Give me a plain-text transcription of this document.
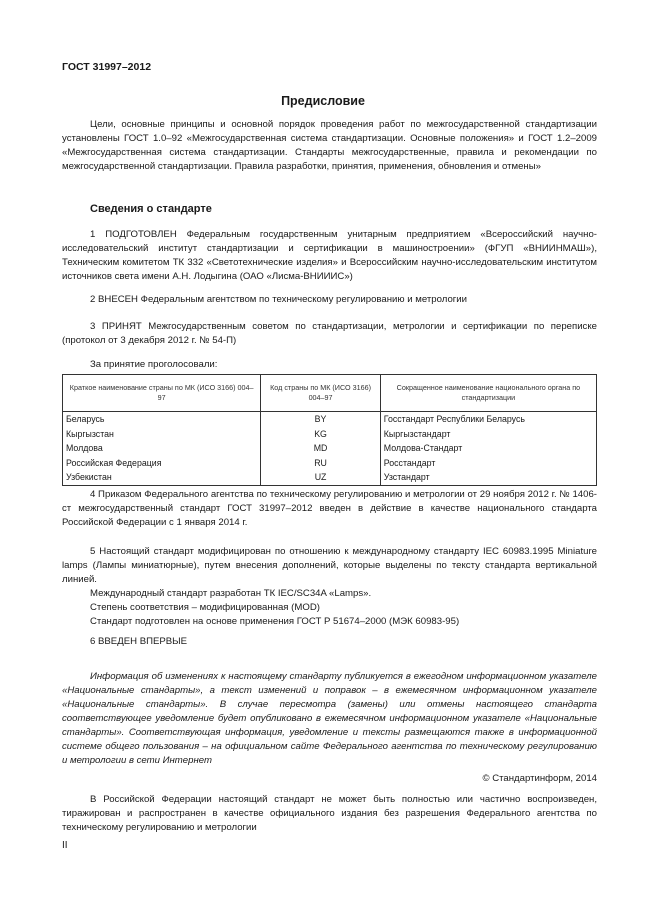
ГОСТ 31997–2012
Предисловие

Цели, основные принципы и основной порядок проведения работ по межгосударственной стандартизации установлены ГОСТ 1.0–92 «Межгосударственная система стандартизации. Основные положения» и ГОСТ 1.2–2009 «Межгосударственная система стандартизации. Стандарты межгосударственные, правила и рекомендации по межгосударственной стандартизации. Правила разработки, принятия, применения, обновления и отмены»

Сведения о стандарте

1 ПОДГОТОВЛЕН Федеральным государственным унитарным предприятием «Всероссийский научно-исследовательский институт стандартизации и сертификации в машиностроении» (ФГУП «ВНИИНМАШ»), Техническим комитетом ТК 332 «Светотехнические изделия» и Всероссийским научно-исследовательским институтом источников света имени А.Н. Лодыгина (ОАО «Лисма-ВНИИИС»)

2 ВНЕСЕН Федеральным агентством по техническому регулированию и метрологии

3 ПРИНЯТ Межгосударственным советом по стандартизации, метрологии и сертификации по переписке (протокол от 3 декабря 2012 г. № 54-П)

За принятие проголосовали:

Краткое наименование страны по МК (ИСО 3166) 004–97	Код страны по МК (ИСО 3166) 004–97	Сокращенное наименование национального органа по стандартизации
Беларусь	BY	Госстандарт Республики Беларусь
Кыргызстан	KG	Кыргызстандарт
Молдова	MD	Молдова-Стандарт
Российская Федерация	RU	Росстандарт
Узбекистан	UZ	Узстандарт

4 Приказом Федерального агентства по техническому регулированию и метрологии от 29 ноября 2012 г. № 1406-ст межгосударственный стандарт ГОСТ 31997–2012 введен в действие в качестве национального стандарта Российской Федерации с 1 января 2014 г.

5 Настоящий стандарт модифицирован по отношению к международному стандарту IEC 60983.1995 Miniature lamps (Лампы миниатюрные), путем внесения дополнений, которые выделены по тексту стандарта вертикальной линией.

Международный стандарт разработан ТК IEC/SC34A «Lamps».

Степень соответствия – модифицированная (MOD)

Стандарт подготовлен на основе применения ГОСТ Р 51674–2000 (МЭК 60983-95)

6 ВВЕДЕН ВПЕРВЫЕ

Информация об изменениях к настоящему стандарту публикуется в ежегодном информационном указателе «Национальные стандарты», а текст изменений и поправок – в ежемесячном информационном указателе «Национальные стандарты». В случае пересмотра (замены) или отмены настоящего стандарта соответствующее уведомление будет опубликовано в ежемесячном информационном указателе «Национальные стандарты». Соответствующая информация, уведомление и тексты размещаются также в информационной системе общего пользования – на официальном сайте Федерального агентства по техническому регулированию и метрологии в сети Интернет

© Стандартинформ, 2014

В Российской Федерации настоящий стандарт не может быть полностью или частично воспроизведен, тиражирован и распространен в качестве официального издания без разрешения Федерального агентства по техническому регулированию и метрологии

II
